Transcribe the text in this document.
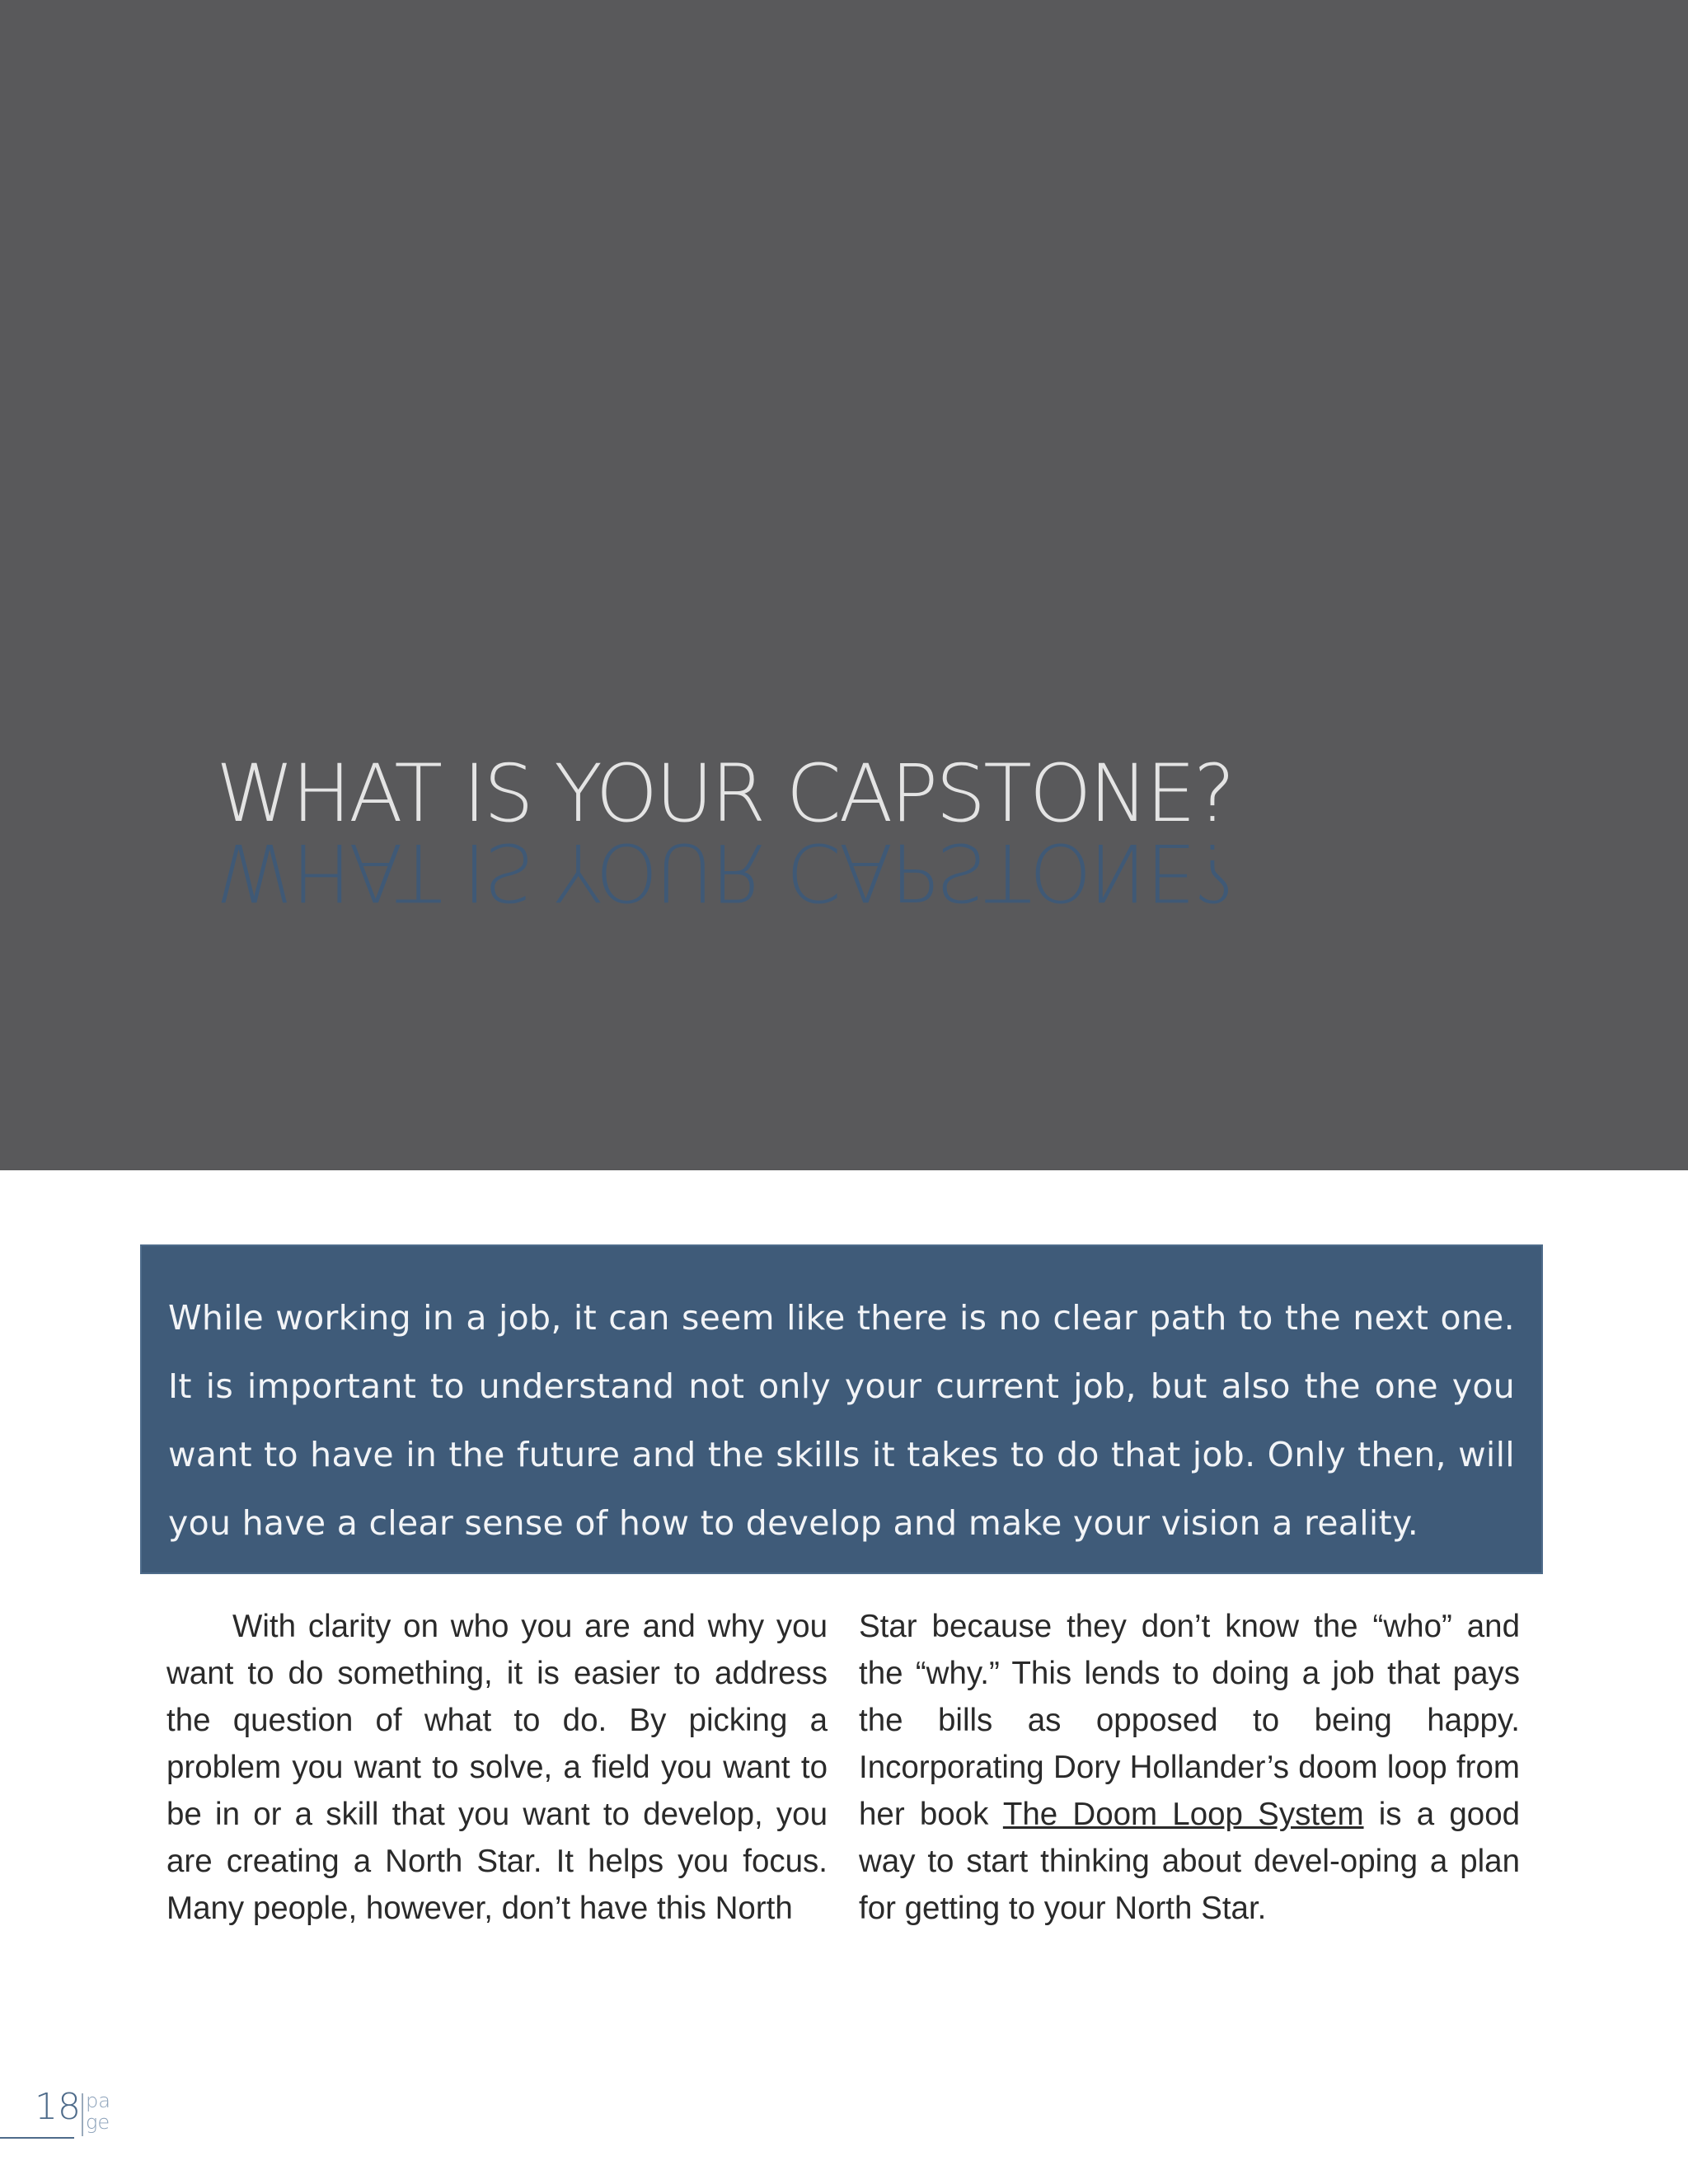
WHAT IS YOUR CAPSTONE?
WHAT IS YOUR CAPSTONE?

While working in a job, it can seem like there is no clear path to the next one. It is important to understand not only your current job, but also the one you want to have in the future and the skills it takes to do that job. Only then, will you have a clear sense of how to develop and make your vision a reality.

With clarity on who you are and why you want to do something, it is easier to address the question of what to do. By picking a problem you want to solve, a field you want to be in or a skill that you want to develop, you are creating a North Star. It helps you focus. Many people, however, don’t have this North

Star because they don’t know the “who” and the “why.” This lends to doing a job that pays the bills as opposed to being happy. Incorporating Dory Hollander’s doom loop from her book The Doom Loop System is a good way to start thinking about devel-oping a plan for getting to your North Star.

18 pa
ge
